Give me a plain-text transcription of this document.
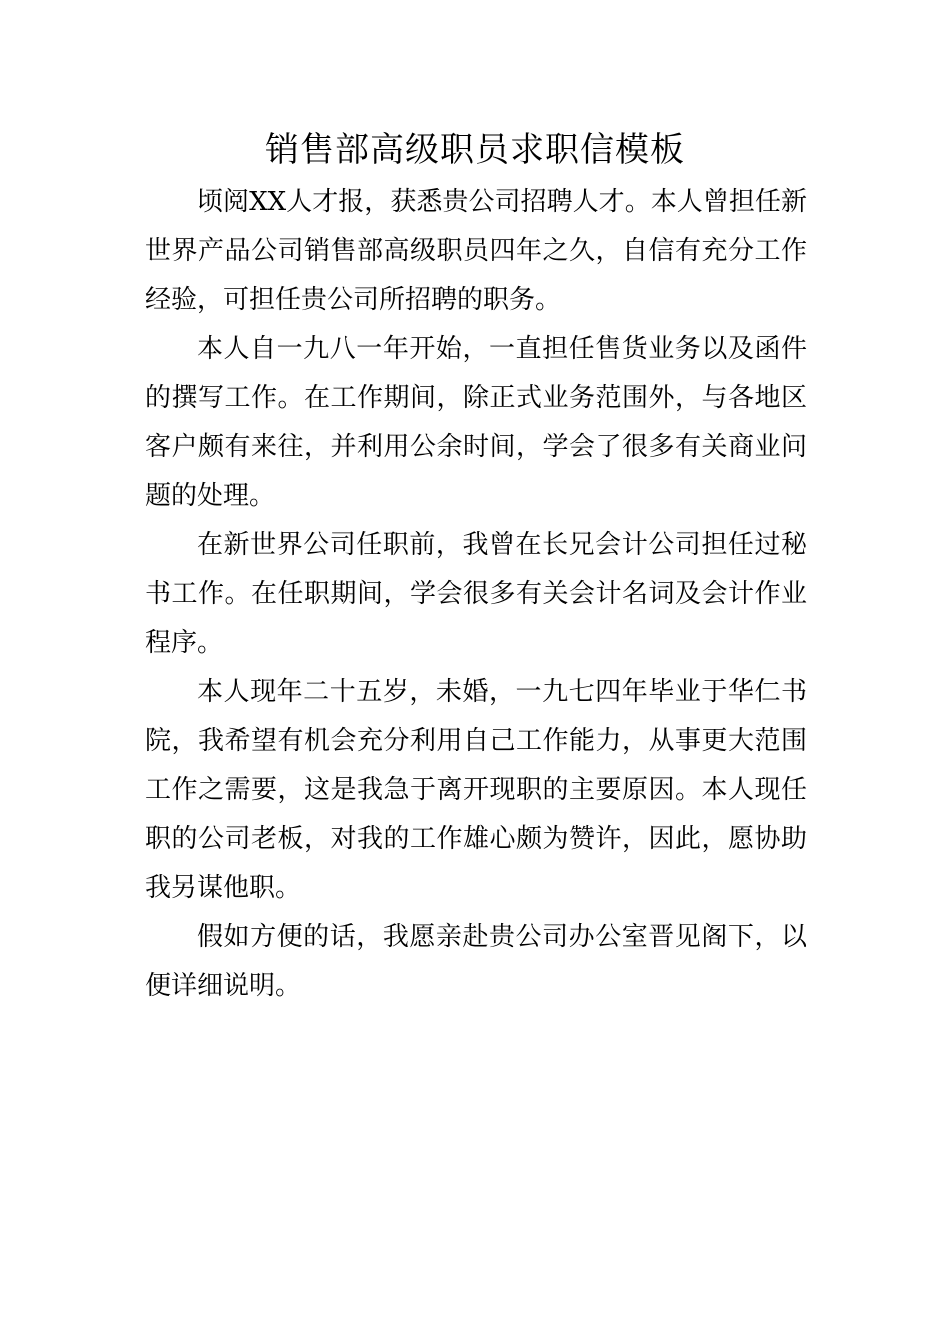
销售部高级职员求职信模板

顷阅XX人才报，获悉贵公司招聘人才。本人曾担任新世界产品公司销售部高级职员四年之久，自信有充分工作经验，可担任贵公司所招聘的职务。

本人自一九八一年开始，一直担任售货业务以及函件的撰写工作。在工作期间，除正式业务范围外，与各地区客户颇有来往，并利用公余时间，学会了很多有关商业问题的处理。

在新世界公司任职前，我曾在长兄会计公司担任过秘书工作。在任职期间，学会很多有关会计名词及会计作业程序。

本人现年二十五岁，未婚，一九七四年毕业于华仁书院，我希望有机会充分利用自己工作能力，从事更大范围工作之需要，这是我急于离开现职的主要原因。本人现任职的公司老板，对我的工作雄心颇为赞许，因此，愿协助我另谋他职。

假如方便的话，我愿亲赴贵公司办公室晋见阁下，以便详细说明。
